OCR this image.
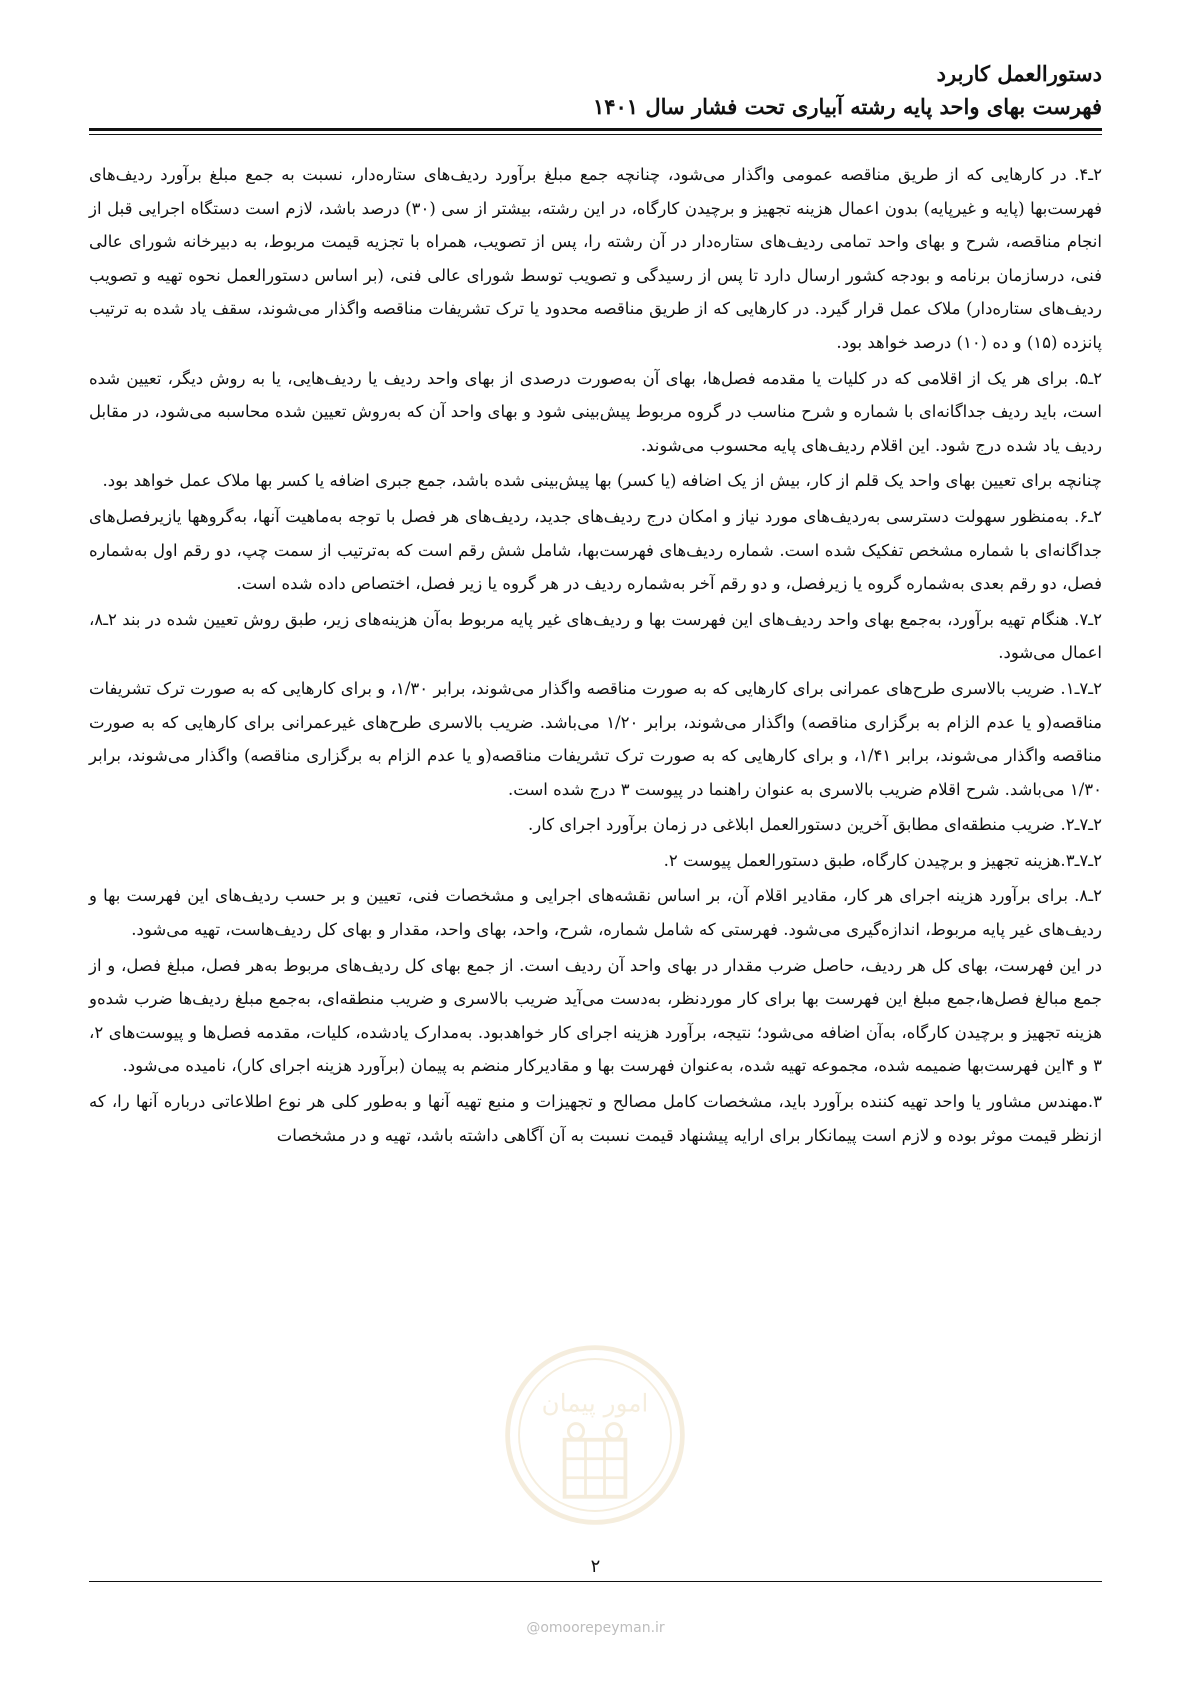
دستورالعمل کاربرد
فهرست بهای واحد پایه رشته آبیاری تحت فشار سال ۱۴۰۱

۲ـ۴. در کارهایی که از طریق مناقصه عمومی واگذار می‌شود، چنانچه جمع مبلغ برآورد ردیف‌های ستاره‌دار، نسبت به جمع مبلغ برآورد ردیف‌های فهرست‌بها (پایه و غیرپایه) بدون اعمال هزینه تجهیز و برچیدن کارگاه، در این رشته، بیشتر از سی (۳۰) درصد باشد، لازم است دستگاه اجرایی قبل از انجام مناقصه، شرح و بهای واحد تمامی ردیف‌های ستاره‌دار در آن رشته را، پس از تصویب، همراه با تجزیه قیمت مربوط، به دبیرخانه شورای عالی فنی، درسازمان برنامه و بودجه کشور ارسال دارد تا پس از رسیدگی و تصویب توسط شورای عالی فنی، (بر اساس دستورالعمل نحوه تهیه و تصویب ردیف‌های ستاره‌دار) ملاک عمل قرار گیرد. در کارهایی که از طریق مناقصه محدود یا ترک تشریفات مناقصه واگذار می‌شوند، سقف یاد شده به ترتیب پانزده (۱۵) و ده (۱۰) درصد خواهد بود.

۲ـ۵. برای هر یک از اقلامی که در کلیات یا مقدمه فصل‌ها، بهای آن به‌صورت درصدی از بهای واحد ردیف یا ردیف‌هایی، یا به روش دیگر، تعیین شده است، باید ردیف جداگانه‌ای با شماره و شرح مناسب در گروه مربوط پیش‌بینی شود و بهای واحد آن که به‌روش تعیین شده محاسبه می‌شود، در مقابل ردیف یاد شده درج شود. این اقلام ردیف‌های پایه محسوب می‌شوند.

چنانچه برای تعیین بهای واحد یک قلم از کار، بیش از یک اضافه (یا کسر) بها پیش‌بینی شده باشد، جمع جبری اضافه یا کسر بها ملاک عمل خواهد بود.

۲ـ۶. به‌منظور سهولت دسترسی به‌ردیف‌های مورد نیاز و امکان درج ردیف‌های جدید، ردیف‌های هر فصل با توجه به‌ماهیت آنها، به‌گروهها یازیرفصل‌های جداگانه‌ای با شماره مشخص تفکیک شده است. شماره ردیف‌های فهرست‌بها، شامل شش رقم است که به‌ترتیب از سمت چپ، دو رقم اول به‌شماره فصل، دو رقم بعدی به‌شماره گروه یا زیرفصل، و دو رقم آخر به‌شماره ردیف در هر گروه یا زیر فصل، اختصاص داده شده است.

۲ـ۷. هنگام تهیه برآورد، به‌جمع بهای واحد ردیف‌های این فهرست بها و ردیف‌های غیر پایه مربوط به‌آن هزینه‌های زیر، طبق روش تعیین شده در بند ۲ـ۸، اعمال می‌شود.

۲ـ۷ـ۱. ضریب بالاسری طرح‌های عمرانی برای کارهایی که به صورت مناقصه واگذار می‌شوند، برابر ۱/۳۰، و برای کارهایی که به صورت ترک تشریفات مناقصه(و یا عدم الزام به برگزاری مناقصه) واگذار می‌شوند، برابر ۱/۲۰ می‌باشد. ضریب بالاسری طرح‌های غیرعمرانی برای کارهایی که به صورت مناقصه واگذار می‌شوند، برابر ۱/۴۱، و برای کارهایی که به صورت ترک تشریفات مناقصه(و یا عدم الزام به برگزاری مناقصه) واگذار می‌شوند، برابر ۱/۳۰ می‌باشد. شرح اقلام ضریب بالاسری به عنوان راهنما در پیوست ۳ درج شده است.

۲ـ۷ـ۲. ضریب منطقه‌ای مطابق آخرین دستورالعمل ابلاغی در زمان برآورد اجرای کار.

۲ـ۷ـ۳.هزینه تجهیز و برچیدن کارگاه، طبق دستورالعمل پیوست ۲.

۲ـ۸. برای برآورد هزینه اجرای هر کار، مقادیر اقلام آن، بر اساس نقشه‌های اجرایی و مشخصات فنی، تعیین و بر حسب ردیف‌های این فهرست بها و ردیف‌های غیر پایه مربوط، اندازه‌گیری می‌شود. فهرستی که شامل شماره، شرح، واحد، بهای واحد، مقدار و بهای کل ردیف‌هاست، تهیه می‌شود.

در این فهرست، بهای کل هر ردیف، حاصل ضرب مقدار در بهای واحد آن ردیف است. از جمع بهای کل ردیف‌های مربوط به‌هر فصل، مبلغ فصل، و از جمع مبالغ فصل‌ها،جمع مبلغ این فهرست بها برای کار موردنظر، به‌دست می‌آید ضریب بالاسری و ضریب منطقه‌ای، به‌جمع مبلغ ردیف‌ها ضرب شده‌و هزینه تجهیز و برچیدن کارگاه، به‌آن اضافه می‌شود؛ نتیجه، برآورد هزینه اجرای کار خواهد‌بود. به‌مدارک یادشده، کلیات، مقدمه فصل‌ها و پیوست‌های ۲، ۳ و ۴این فهرست‌بها ضمیمه شده، مجموعه تهیه شده، به‌عنوان فهرست بها و مقادیرکار منضم به پیمان (برآورد هزینه اجرای کار)، نامیده می‌شود.

۳.مهندس مشاور یا واحد تهیه کننده برآورد باید، مشخصات کامل مصالح و تجهیزات و منبع تهیه آنها و به‌طور کلی هر نوع اطلاعاتی درباره آنها را، که ازنظر قیمت موثر بوده و لازم است پیمانکار برای ارایه پیشنهاد قیمت نسبت به آن آگاهی داشته باشد، تهیه و در مشخصات

امور پیمان
۲
@omoorepeyman.ir
